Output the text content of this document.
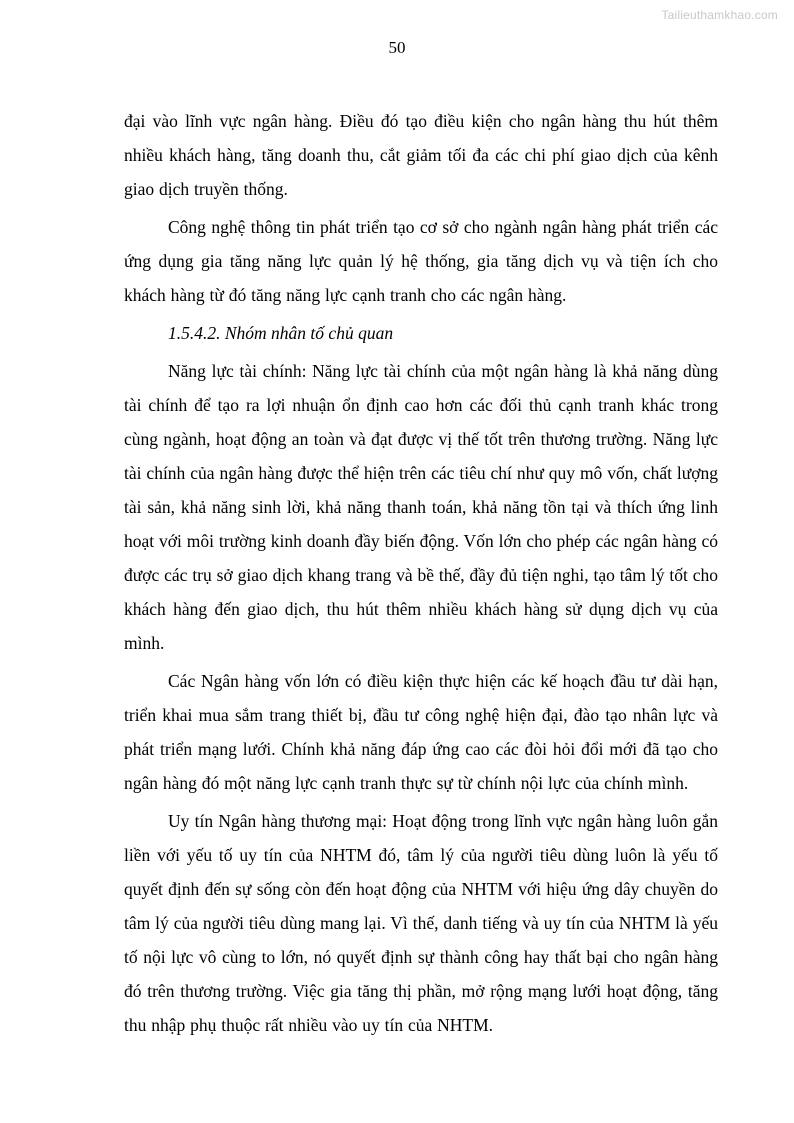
Tailieuthamkhao.com
50

đại vào lĩnh vực ngân hàng. Điều đó tạo điều kiện cho ngân hàng thu hút thêm nhiều khách hàng, tăng doanh thu, cắt giảm tối đa các chi phí giao dịch của kênh giao dịch truyền thống.

Công nghệ thông tin phát triển tạo cơ sở cho ngành ngân hàng phát triển các ứng dụng gia tăng năng lực quản lý hệ thống, gia tăng dịch vụ và tiện ích cho khách hàng từ đó tăng năng lực cạnh tranh cho các ngân hàng.

1.5.4.2. Nhóm nhân tố chủ quan

Năng lực tài chính: Năng lực tài chính của một ngân hàng là khả năng dùng tài chính để tạo ra lợi nhuận ổn định cao hơn các đối thủ cạnh tranh khác trong cùng ngành, hoạt động an toàn và đạt được vị thế tốt trên thương trường. Năng lực tài chính của ngân hàng được thể hiện trên các tiêu chí như quy mô vốn, chất lượng tài sản, khả năng sinh lời, khả năng thanh toán, khả năng tồn tại và thích ứng linh hoạt với môi trường kinh doanh đầy biến động. Vốn lớn cho phép các ngân hàng có được các trụ sở giao dịch khang trang và bề thế, đầy đủ tiện nghi, tạo tâm lý tốt cho khách hàng đến giao dịch, thu hút thêm nhiều khách hàng sử dụng dịch vụ của mình.

Các Ngân hàng vốn lớn có điều kiện thực hiện các kế hoạch đầu tư dài hạn, triển khai mua sắm trang thiết bị, đầu tư công nghệ hiện đại, đào tạo nhân lực và phát triển mạng lưới. Chính khả năng đáp ứng cao các đòi hỏi đổi mới đã tạo cho ngân hàng đó một năng lực cạnh tranh thực sự từ chính nội lực của chính mình.

Uy tín Ngân hàng thương mại: Hoạt động trong lĩnh vực ngân hàng luôn gắn liền với yếu tố uy tín của NHTM đó, tâm lý của người tiêu dùng luôn là yếu tố quyết định đến sự sống còn đến hoạt động của NHTM với hiệu ứng dây chuyền do tâm lý của người tiêu dùng mang lại. Vì thế, danh tiếng và uy tín của NHTM là yếu tố nội lực vô cùng to lớn, nó quyết định sự thành công hay thất bại cho ngân hàng đó trên thương trường. Việc gia tăng thị phần, mở rộng mạng lưới hoạt động, tăng thu nhập phụ thuộc rất nhiều vào uy tín của NHTM.
